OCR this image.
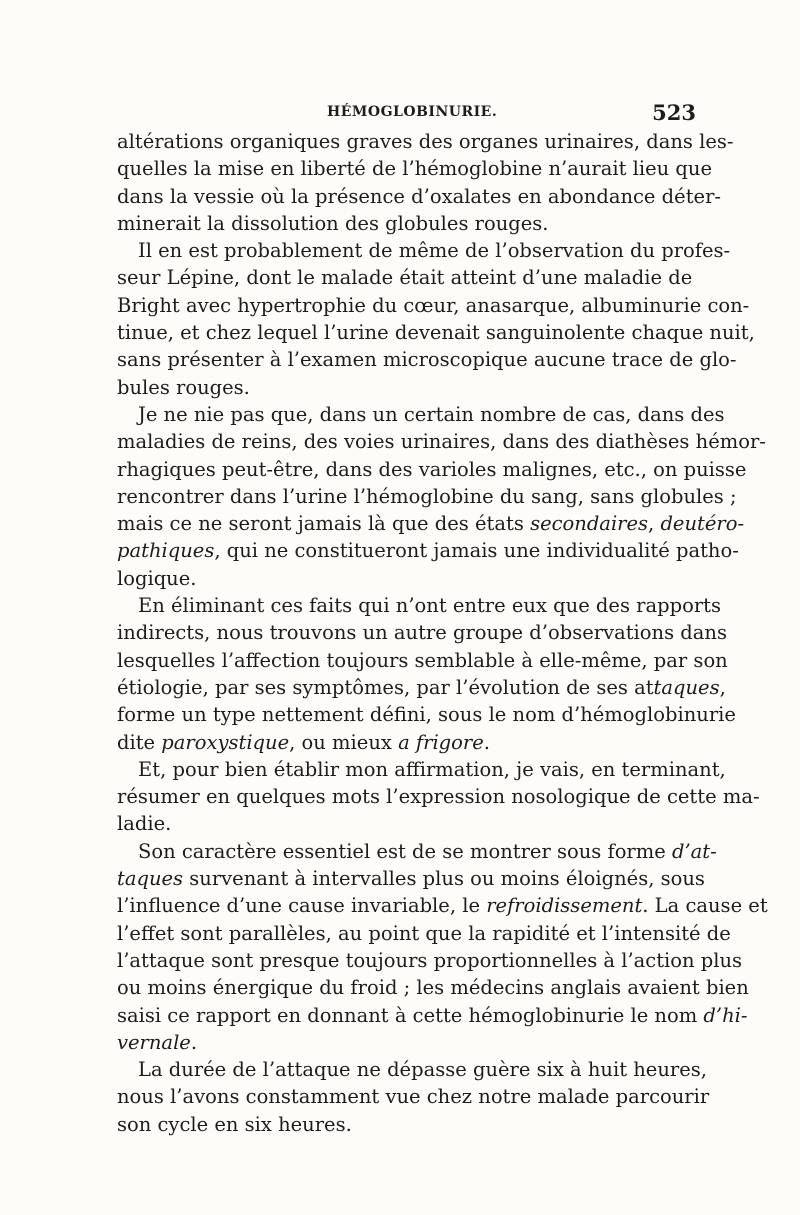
HÉMOGLOBINURIE.	523
altérations organiques graves des organes urinaires, dans les-
quelles la mise en liberté de l’hémoglobine n’aurait lieu que
dans la vessie où la présence d’oxalates en abondance déter-
minerait la dissolution des globules rouges.
Il en est probablement de même de l’observation du profes-
seur Lépine, dont le malade était atteint d’une maladie de
Bright avec hypertrophie du cœur, anasarque, albuminurie con-
tinue, et chez lequel l’urine devenait sanguinolente chaque nuit,
sans présenter à l’examen microscopique aucune trace de glo-
bules rouges.
Je ne nie pas que, dans un certain nombre de cas, dans des
maladies de reins, des voies urinaires, dans des diathèses hémor-
rhagiques peut-être, dans des varioles malignes, etc., on puisse
rencontrer dans l’urine l’hémoglobine du sang, sans globules ;
mais ce ne seront jamais là que des états secondaires, deutéro-
pathiques, qui ne constitueront jamais une individualité patho-
logique.
En éliminant ces faits qui n’ont entre eux que des rapports
indirects, nous trouvons un autre groupe d’observations dans
lesquelles l’affection toujours semblable à elle-même, par son
étiologie, par ses symptômes, par l’évolution de ses attaques,
forme un type nettement défini, sous le nom d’hémoglobinurie
dite paroxystique, ou mieux a frigore.
Et, pour bien établir mon affirmation, je vais, en terminant,
résumer en quelques mots l’expression nosologique de cette ma-
ladie.
Son caractère essentiel est de se montrer sous forme d’at-
taques survenant à intervalles plus ou moins éloignés, sous
l’influence d’une cause invariable, le refroidissement. La cause et
l’effet sont parallèles, au point que la rapidité et l’intensité de
l’attaque sont presque toujours proportionnelles à l’action plus
ou moins énergique du froid ; les médecins anglais avaient bien
saisi ce rapport en donnant à cette hémoglobinurie le nom d’hi-
vernale.
La durée de l’attaque ne dépasse guère six à huit heures,
nous l’avons constamment vue chez notre malade parcourir
son cycle en six heures.
